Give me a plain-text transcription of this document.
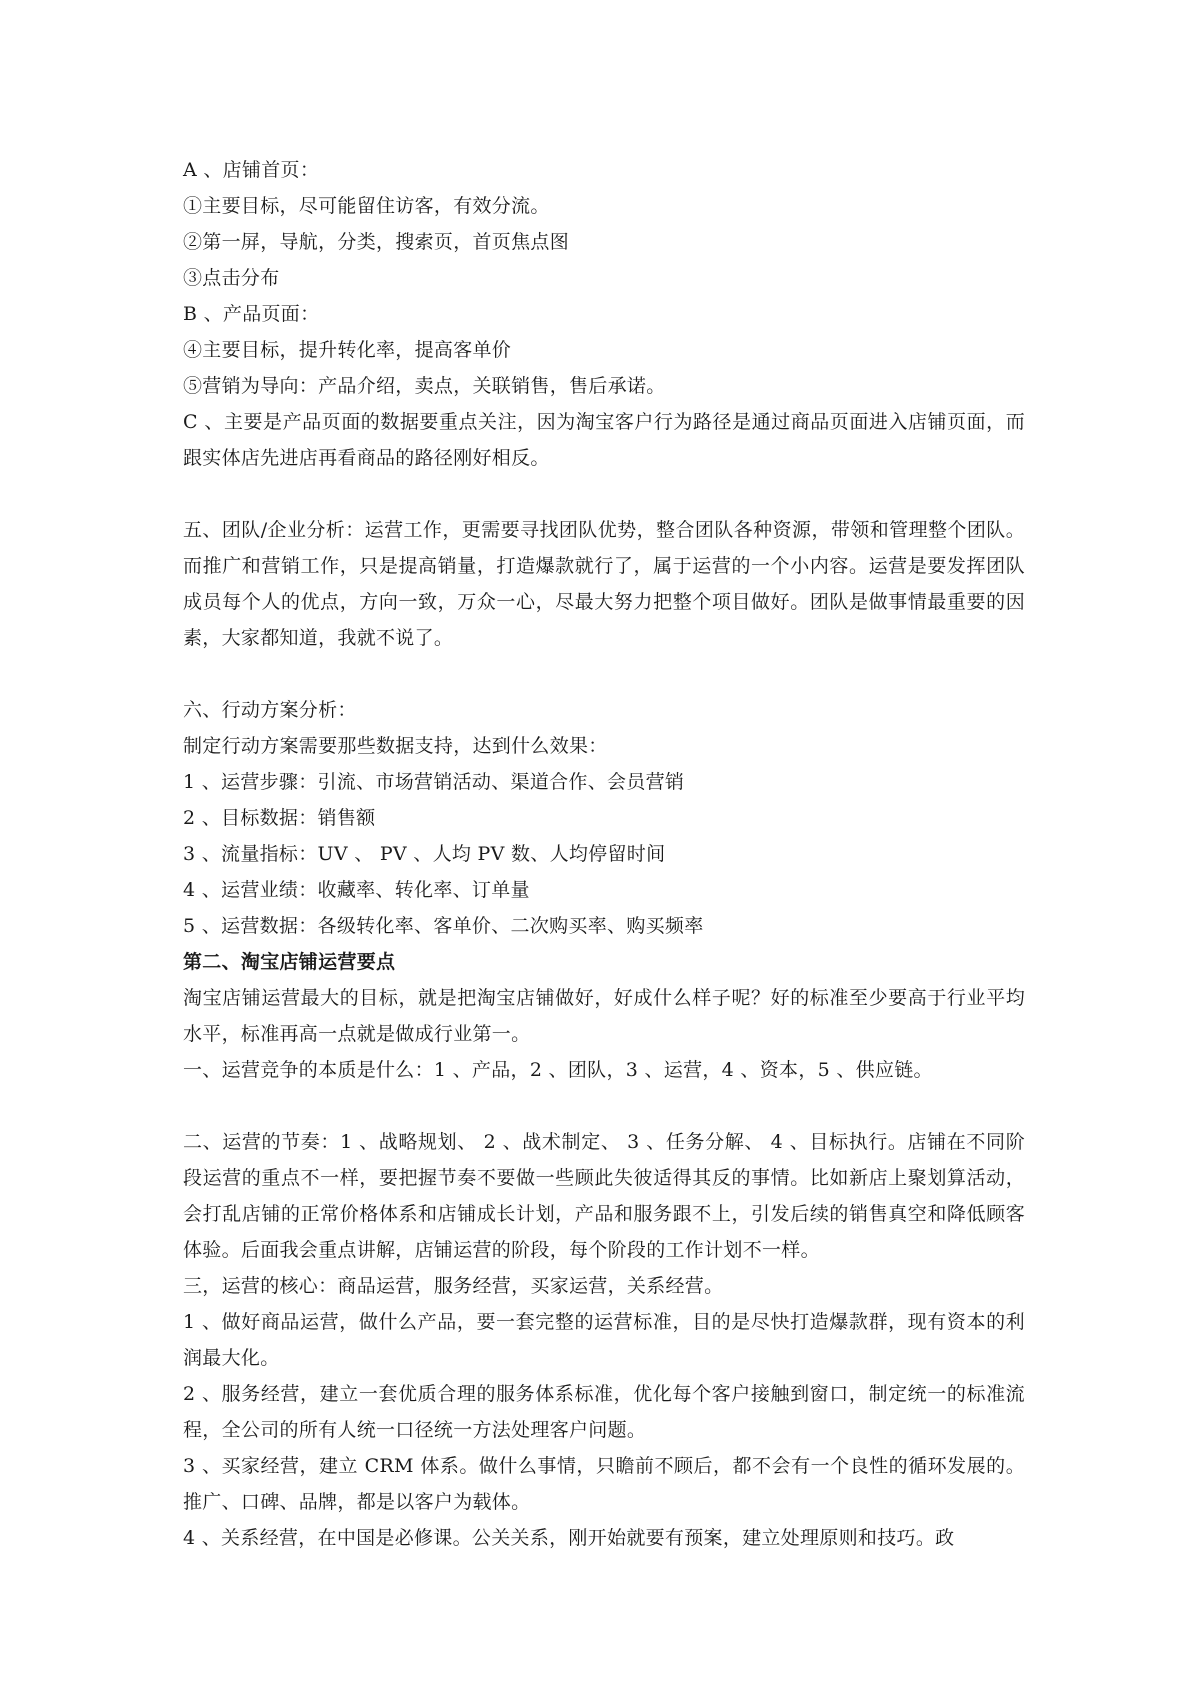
A 、店铺首页：

①主要目标，尽可能留住访客，有效分流。

②第一屏，导航，分类，搜索页，首页焦点图

③点击分布

B 、产品页面：

④主要目标，提升转化率，提高客单价

⑤营销为导向：产品介绍，卖点，关联销售，售后承诺。

C 、主要是产品页面的数据要重点关注，因为淘宝客户行为路径是通过商品页面进入店铺页面，而跟实体店先进店再看商品的路径刚好相反。

五、团队/企业分析：运营工作，更需要寻找团队优势，整合团队各种资源，带领和管理整个团队。而推广和营销工作，只是提高销量，打造爆款就行了，属于运营的一个小内容。运营是要发挥团队成员每个人的优点，方向一致，万众一心，尽最大努力把整个项目做好。团队是做事情最重要的因素，大家都知道，我就不说了。

六、行动方案分析：

制定行动方案需要那些数据支持，达到什么效果：

1 、运营步骤：引流、市场营销活动、渠道合作、会员营销

2 、目标数据：销售额

3 、流量指标：UV 、 PV 、人均 PV 数、人均停留时间

4 、运营业绩：收藏率、转化率、订单量

5 、运营数据：各级转化率、客单价、二次购买率、购买频率

第二、淘宝店铺运营要点

淘宝店铺运营最大的目标，就是把淘宝店铺做好，好成什么样子呢？好的标准至少要高于行业平均水平，标准再高一点就是做成行业第一。

一、运营竞争的本质是什么：1 、产品，2 、团队，3 、运营，4 、资本，5 、供应链。

二、运营的节奏：1 、战略规划、 2 、战术制定、 3 、任务分解、 4 、目标执行。店铺在不同阶段运营的重点不一样，要把握节奏不要做一些顾此失彼适得其反的事情。比如新店上聚划算活动，会打乱店铺的正常价格体系和店铺成长计划，产品和服务跟不上，引发后续的销售真空和降低顾客体验。后面我会重点讲解，店铺运营的阶段，每个阶段的工作计划不一样。

三，运营的核心：商品运营，服务经营，买家运营，关系经营。

1 、做好商品运营，做什么产品，要一套完整的运营标准，目的是尽快打造爆款群，现有资本的利润最大化。

2 、服务经营，建立一套优质合理的服务体系标准，优化每个客户接触到窗口，制定统一的标准流程，全公司的所有人统一口径统一方法处理客户问题。

3 、买家经营，建立 CRM 体系。做什么事情，只瞻前不顾后，都不会有一个良性的循环发展的。推广、口碑、品牌，都是以客户为载体。

4 、关系经营，在中国是必修课。公关关系，刚开始就要有预案，建立处理原则和技巧。政
